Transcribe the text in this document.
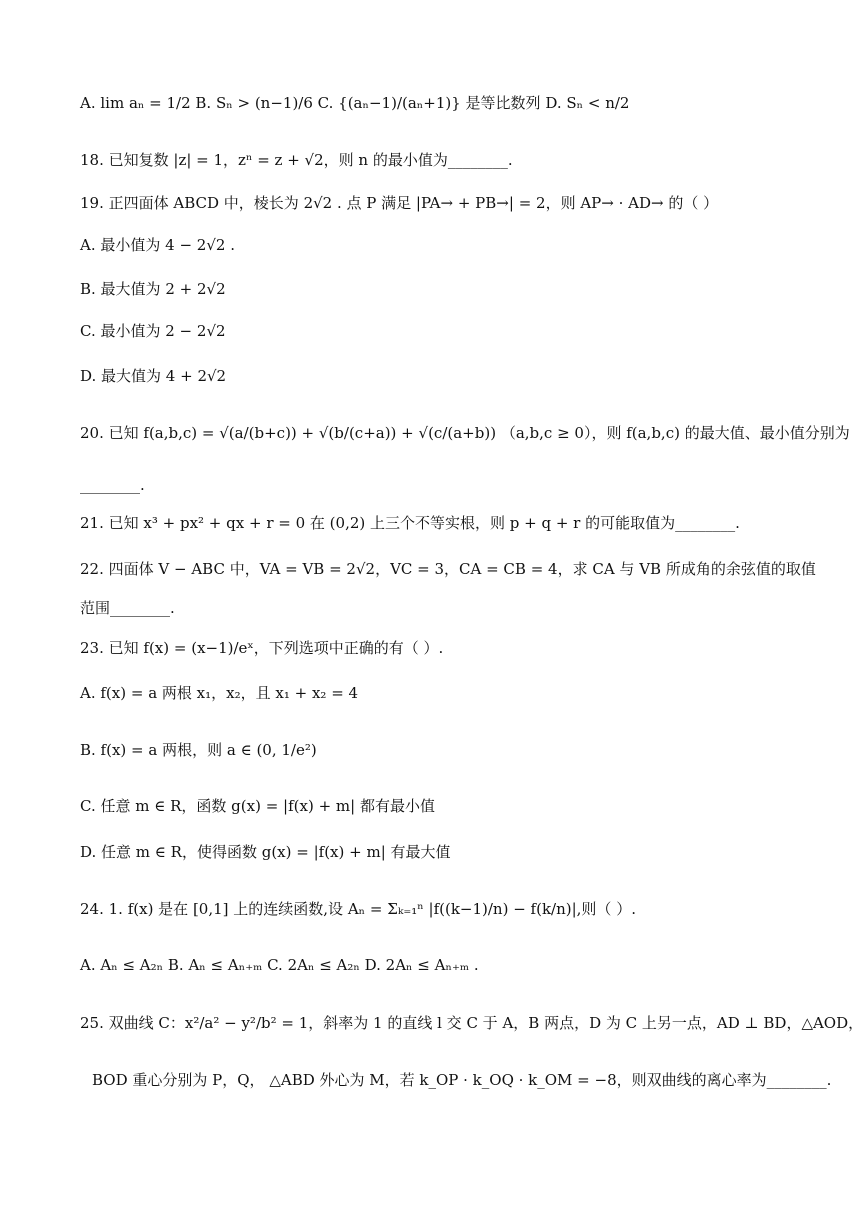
A. lim aₙ = 1/2 B. Sₙ > (n−1)/6 C. {(aₙ−1)/(aₙ+1)} 是等比数列 D. Sₙ < n/2
18. 已知复数 |z| = 1，zⁿ = z + √2，则 n 的最小值为________.
19. 正四面体 ABCD 中，棱长为 2√2 . 点 P 满足 |PA→ + PB→| = 2，则 AP→ · AD→ 的（ ）
A. 最小值为 4 − 2√2 .
B. 最大值为 2 + 2√2
C. 最小值为 2 − 2√2
D. 最大值为 4 + 2√2
20. 已知 f(a,b,c) = √(a/(b+c)) + √(b/(c+a)) + √(c/(a+b)) （a,b,c ≥ 0），则 f(a,b,c) 的最大值、最小值分别为
________.
21. 已知 x³ + px² + qx + r = 0 在 (0,2) 上三个不等实根，则 p + q + r 的可能取值为________.
22. 四面体 V − ABC 中，VA = VB = 2√2，VC = 3，CA = CB = 4，求 CA 与 VB 所成角的余弦值的取值
范围________.
23. 已知 f(x) = (x−1)/eˣ，下列选项中正确的有（ ）.
A. f(x) = a 两根 x₁，x₂，且 x₁ + x₂ = 4
B. f(x) = a 两根，则 a ∈ (0, 1/e²)
C. 任意 m ∈ R，函数 g(x) = |f(x) + m| 都有最小值
D. 任意 m ∈ R，使得函数 g(x) = |f(x) + m| 有最大值
24. 1. f(x) 是在 [0,1] 上的连续函数,设 Aₙ = Σₖ₌₁ⁿ |f((k−1)/n) − f(k/n)|,则（ ）.
A. Aₙ ≤ A₂ₙ B. Aₙ ≤ Aₙ₊ₘ C. 2Aₙ ≤ A₂ₙ D. 2Aₙ ≤ Aₙ₊ₘ .
25. 双曲线 C：x²/a² − y²/b² = 1，斜率为 1 的直线 l 交 C 于 A，B 两点，D 为 C 上另一点，AD ⊥ BD，△AOD，
BOD 重心分别为 P，Q， △ABD 外心为 M，若 k_OP · k_OQ · k_OM = −8，则双曲线的离心率为________.
